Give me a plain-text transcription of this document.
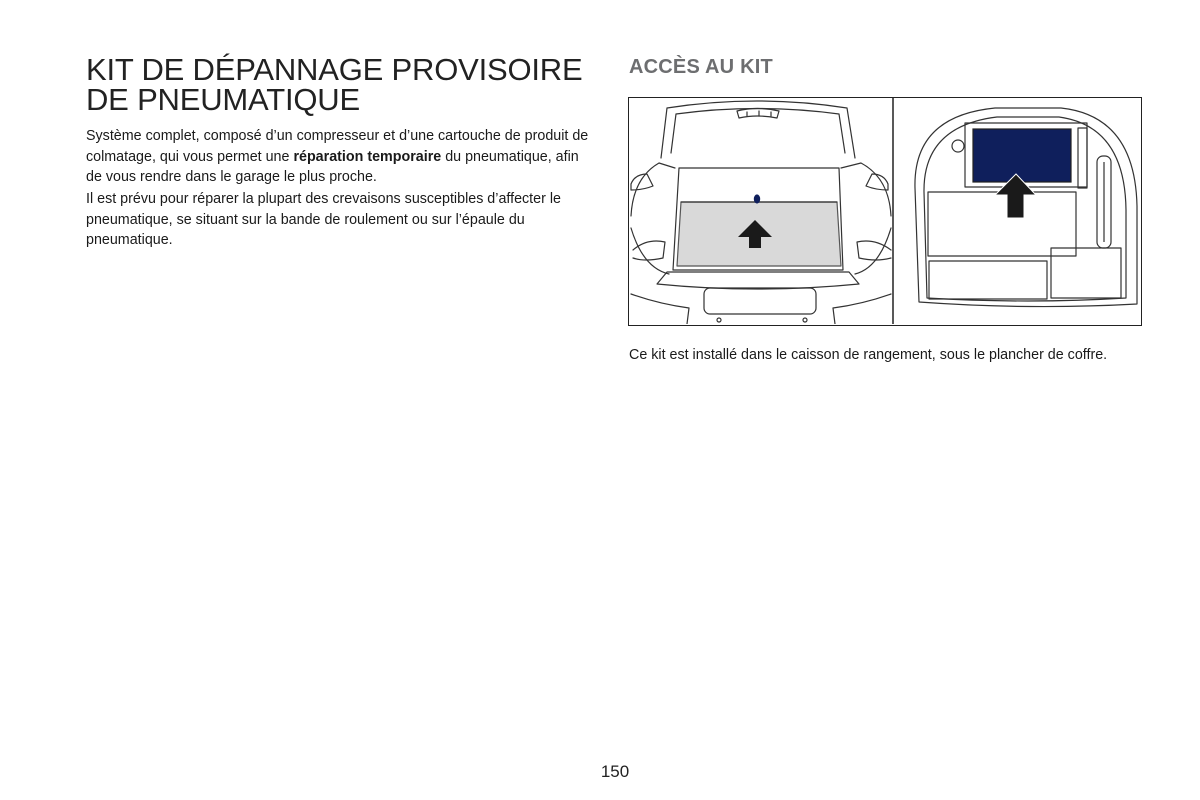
KIT DE DÉPANNAGE PROVISOIRE
DE PNEUMATIQUE

Système complet, composé d’un compresseur et d’une cartouche de produit de colmatage, qui vous permet une réparation temporaire du pneumatique, afin de vous rendre dans le garage le plus proche.

Il est prévu pour réparer la plupart des crevaisons susceptibles d’affecter le pneumatique, se situant sur la bande de roulement ou sur l’épaule du pneumatique.

ACCÈS AU KIT

Ce kit est installé dans le caisson de rangement, sous le plancher de coffre.

150
